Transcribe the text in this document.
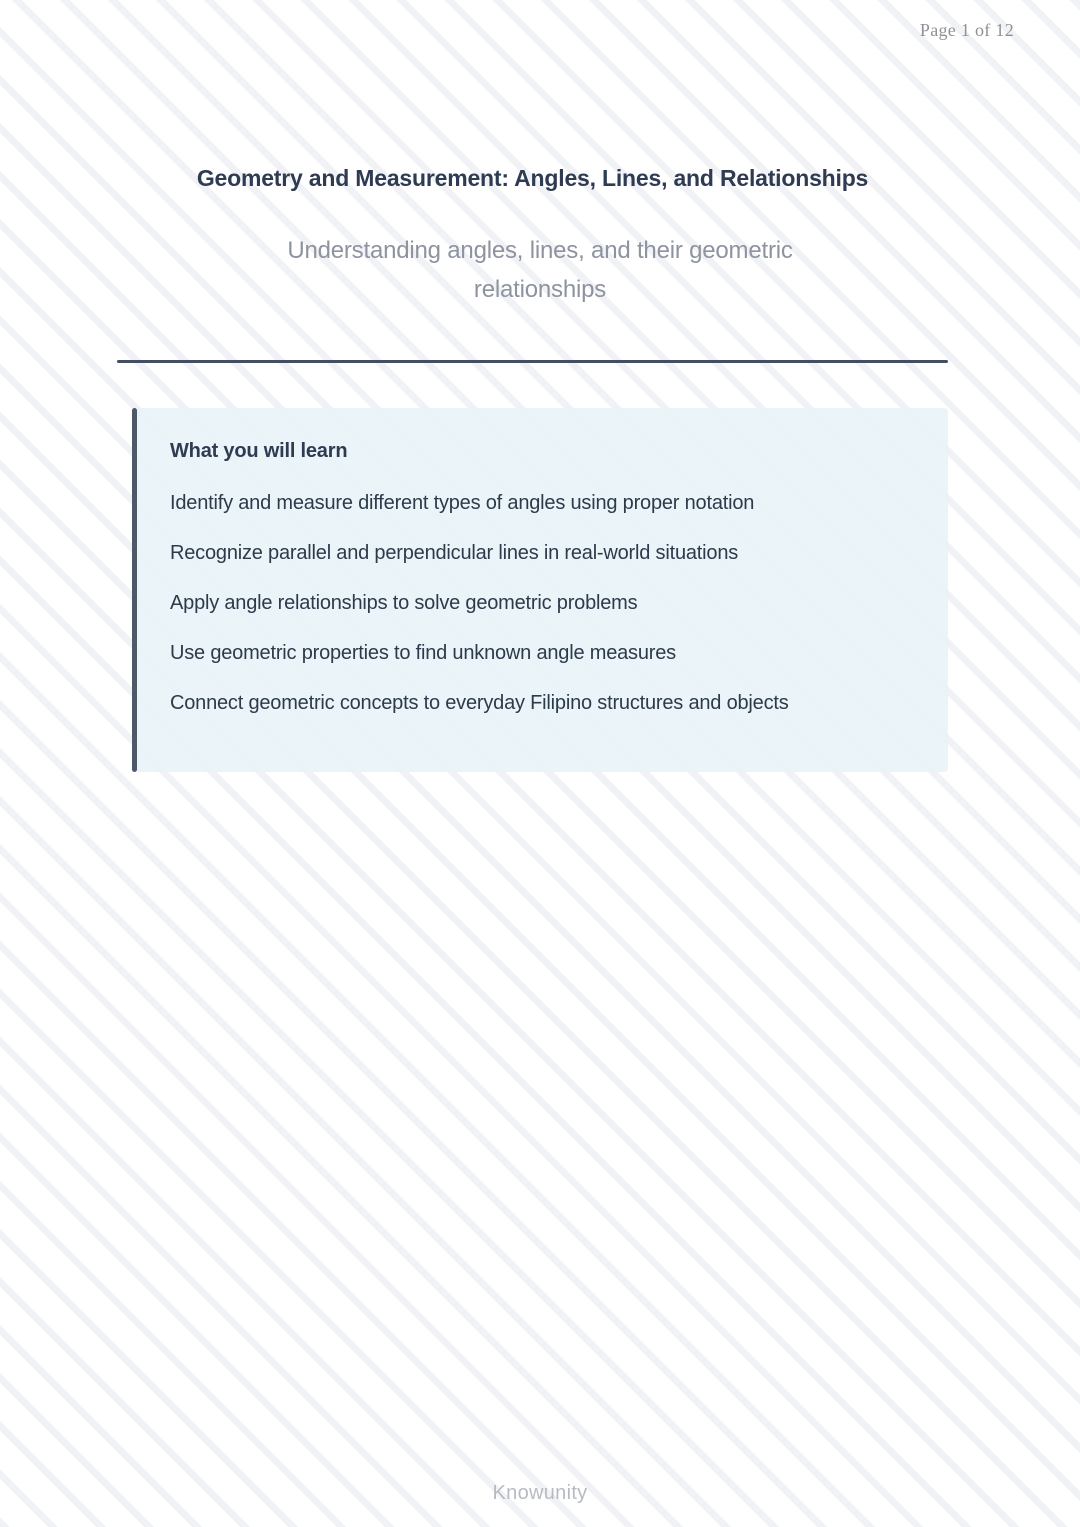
Page 1 of 12
Geometry and Measurement: Angles, Lines, and Relationships
Understanding angles, lines, and their geometric relationships
What you will learn
Identify and measure different types of angles using proper notation
Recognize parallel and perpendicular lines in real-world situations
Apply angle relationships to solve geometric problems
Use geometric properties to find unknown angle measures
Connect geometric concepts to everyday Filipino structures and objects
Knowunity
